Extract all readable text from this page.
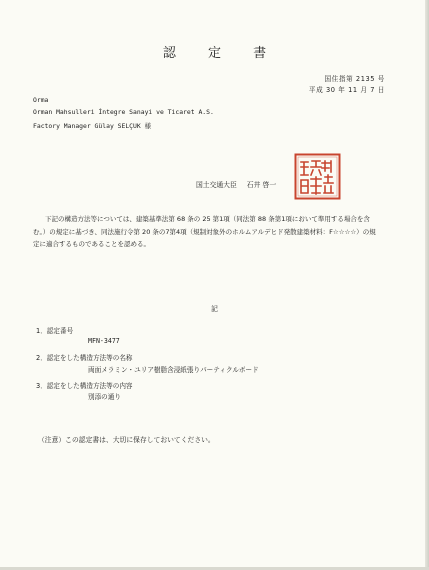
認 定 書
国住指第 2135 号
平成 30 年 11 月 7 日
Orma
Orman Mahsulleri İntegre Sanayi ve Ticaret A.S.
Factory Manager Gülay SELÇUK 様
国土交通大臣 石井 啓一
下記の構造方法等については、建築基準法第 68 条の 25 第1項（同法第 88 条第1項において準用する場合を含む。）の規定に基づき、同法施行令第 20 条の7第4項（規制対象外のホルムアルデヒド発散建築材料：F☆☆☆☆）の規定に適合するものであることを認める。
記
1．認定番号
MFN-3477
2．認定をした構造方法等の名称
両面メラミン・ユリア樹脂含浸紙張りパーティクルボード
3．認定をした構造方法等の内容
別添の通り
（注意）この認定書は、大切に保存しておいてください。
